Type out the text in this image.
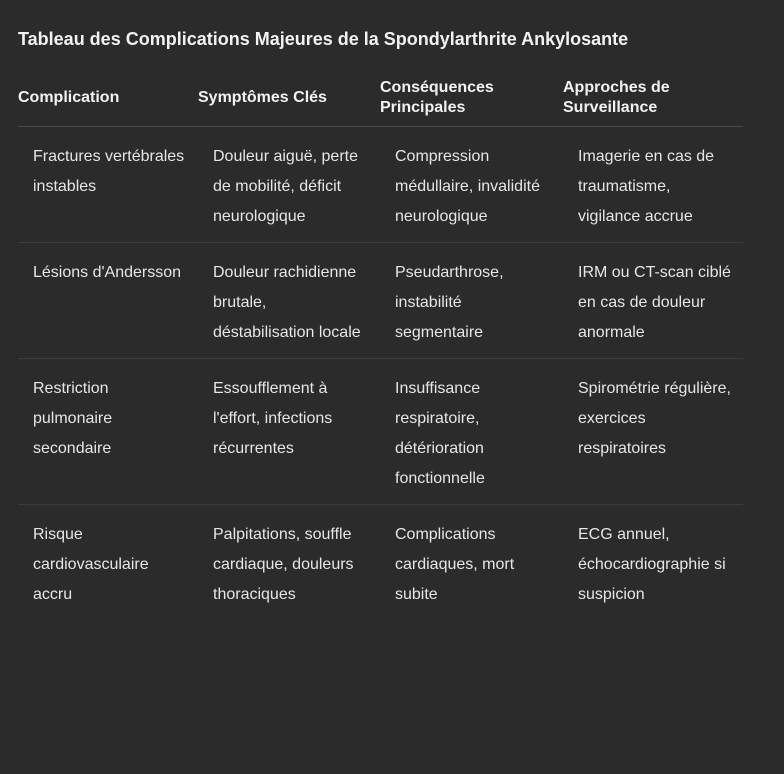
Tableau des Complications Majeures de la Spondylarthrite Ankylosante
Complication	Symptômes Clés	Conséquences Principales	Approches de Surveillance
Fractures vertébrales instables	Douleur aiguë, perte de mobilité, déficit neurologique	Compression médullaire, invalidité neurologique	Imagerie en cas de traumatisme, vigilance accrue
Lésions d'Andersson	Douleur rachidienne brutale, déstabilisation locale	Pseudarthrose, instabilité segmentaire	IRM ou CT-scan ciblé en cas de douleur anormale
Restriction pulmonaire secondaire	Essoufflement à l'effort, infections récurrentes	Insuffisance respiratoire, détérioration fonctionnelle	Spirométrie régulière, exercices respiratoires
Risque cardiovasculaire accru	Palpitations, souffle cardiaque, douleurs thoraciques	Complications cardiaques, mort subite	ECG annuel, échocardiographie si suspicion
